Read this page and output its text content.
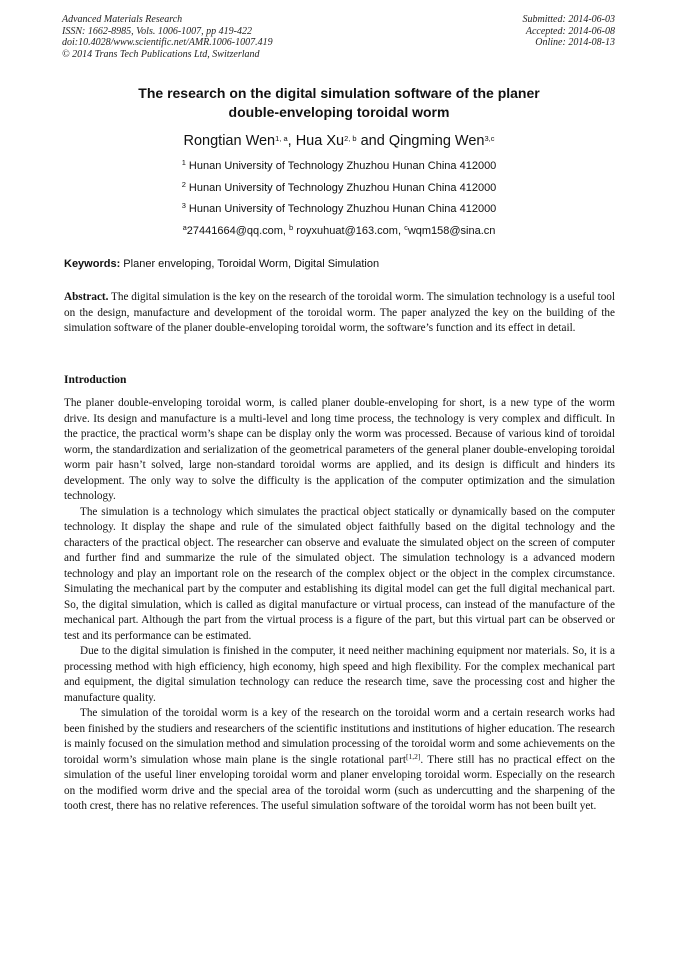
Advanced Materials Research
ISSN: 1662-8985, Vols. 1006-1007, pp 419-422
doi:10.4028/www.scientific.net/AMR.1006-1007.419
© 2014 Trans Tech Publications Ltd, Switzerland
Submitted: 2014-06-03
Accepted: 2014-06-08
Online: 2014-08-13
The research on the digital simulation software of the planer
double-enveloping toroidal worm
Rongtian Wen$^{1, a}$, Hua Xu$^{2, b}$ and Qingming Wen$^{3,c}$
$^1$ Hunan University of Technology Zhuzhou Hunan China 412000
$^2$ Hunan University of Technology Zhuzhou Hunan China 412000
$^3$ Hunan University of Technology Zhuzhou Hunan China 412000
$^a$27441664@qq.com, $^b$ royxuhuat@163.com, $^c$wqm158@sina.cn
Keywords: Planer enveloping, Toroidal Worm, Digital Simulation
Abstract. The digital simulation is the key on the research of the toroidal worm. The simulation technology is a useful tool on the design, manufacture and development of the toroidal worm. The paper analyzed the key on the building of the simulation software of the planer double-enveloping toroidal worm, the software’s function and its effect in detail.
Introduction

The planer double-enveloping toroidal worm, is called planer double-enveloping for short, is a new type of the worm drive. Its design and manufacture is a multi-level and long time process, the technology is very complex and difficult. In the practice, the practical worm’s shape can be display only the worm was processed. Because of various kind of toroidal worm, the standardization and serialization of the geometrical parameters of the general planer double-enveloping toroidal worm pair hasn’t solved, large non-standard toroidal worms are applied, and its design is difficult and hinders its development. The only way to solve the difficulty is the application of the computer optimization and the simulation technology.

The simulation is a technology which simulates the practical object statically or dynamically based on the computer technology. It display the shape and rule of the simulated object faithfully based on the digital technology and the characters of the practical object. The researcher can observe and evaluate the simulated object on the screen of computer and further find and summarize the rule of the simulated object. The simulation technology is a advanced modern technology and play an important role on the research of the complex object or the object in the complex circumstance. Simulating the mechanical part by the computer and establishing its digital model can get the full digital mechanical part. So, the digital simulation, which is called as digital manufacture or virtual process, can instead of the manufacture of the mechanical part. Although the part from the virtual process is a figure of the part, but this virtual part can be observed or test and its performance can be estimated.

Due to the digital simulation is finished in the computer, it need neither machining equipment nor materials. So, it is a processing method with high efficiency, high economy, high speed and high flexibility. For the complex mechanical part and equipment, the digital simulation technology can reduce the research time, save the processing cost and higher the manufacture quality.

The simulation of the toroidal worm is a key of the research on the toroidal worm and a certain research works had been finished by the studiers and researchers of the scientific institutions and institutions of higher education. The research is mainly focused on the simulation method and simulation processing of the toroidal worm and some achievements on the toroidal worm’s simulation whose main plane is the single rotational part[1,2]. There still has no practical effect on the simulation of the useful liner enveloping toroidal worm and planer enveloping toroidal worm. Especially on the research on the modified worm drive and the special area of the toroidal worm (such as undercutting and the sharpening of the tooth crest, there has no relative references. The useful simulation software of the toroidal worm has not been built yet.
